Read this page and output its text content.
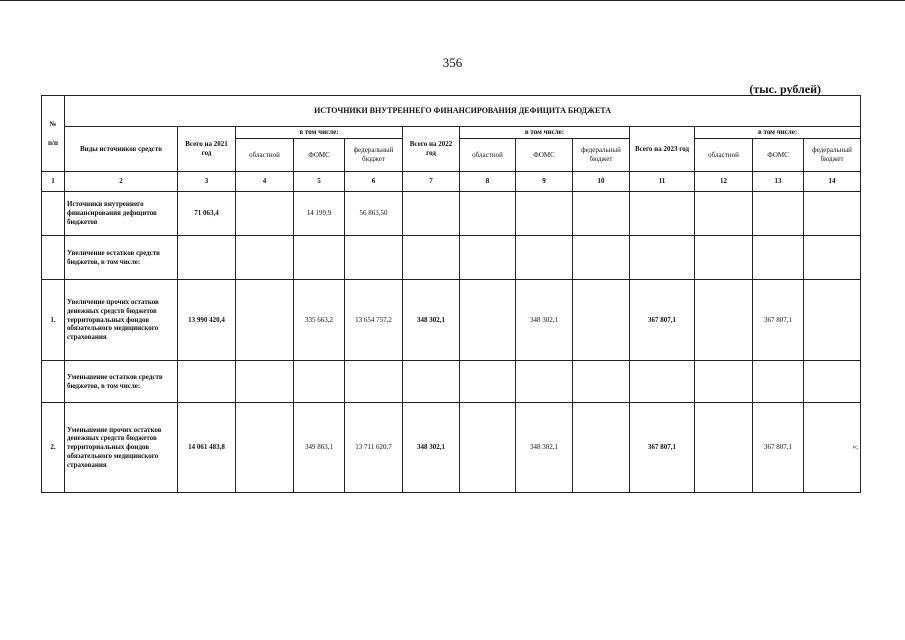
356
(тыс. рублей)
№
п/п	ИСТОЧНИКИ ВНУТРЕННЕГО ФИНАНСИРОВАНИЯ ДЕФИЦИТА БЮДЖЕТА												
	Виды источников средств	Всего на 2021 год	в том числе:			Всего на 2022 год	в том числе:			Всего на 2023 год	в том числе:		
			областной	ФОМС	федеральный бюджет		областной	ФОМС	федеральный бюджет		областной	ФОМС	федеральный бюджет
1	2	3	4	5	6	7	8	9	10	11	12	13	14
	Источники внутреннего финансирования дефицитов бюджетов	71 063,4		14 199,9	56 863,50								
	Увеличение остатков средств бюджетов, в том числе:												
1.	Увеличение прочих остатков денежных средств бюджетов территориальных фондов обязательного медицинского страхования	13 990 420,4		335 663,2	13 654 757,2	348 302,1		348 302,1		367 807,1		367 807,1	
	Уменьшение остатков средств бюджетов, в том числе:												
2.	Уменьшение прочих остатков денежных средств бюджетов территориальных фондов обязательного медицинского страхования	14 061 483,8		349 863,1	13 711 620,7	348 302,1		348 302,1		367 807,1		367 807,1	»;
